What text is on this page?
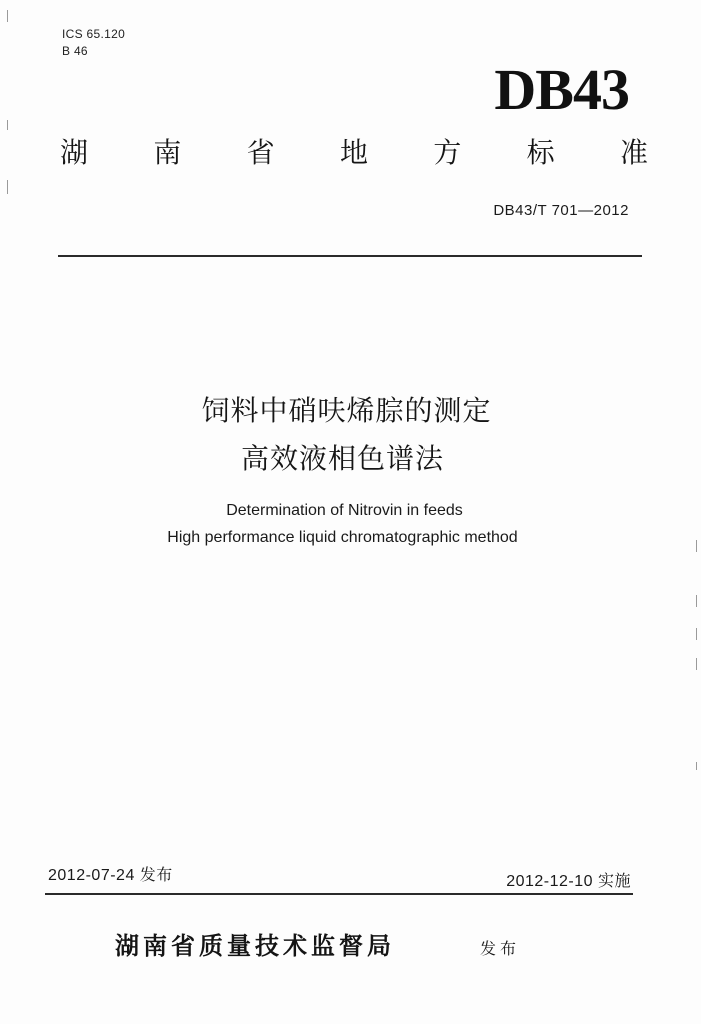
ICS 65.120
B 46
DB43
湖 南 省 地 方 标 准
DB43/T 701—2012
饲料中硝呋烯腙的测定
高效液相色谱法
Determination of Nitrovin in feeds
High performance liquid chromatographic method
2012-07-24 发布	2012-12-10 实施
湖南省质量技术监督局	发布
